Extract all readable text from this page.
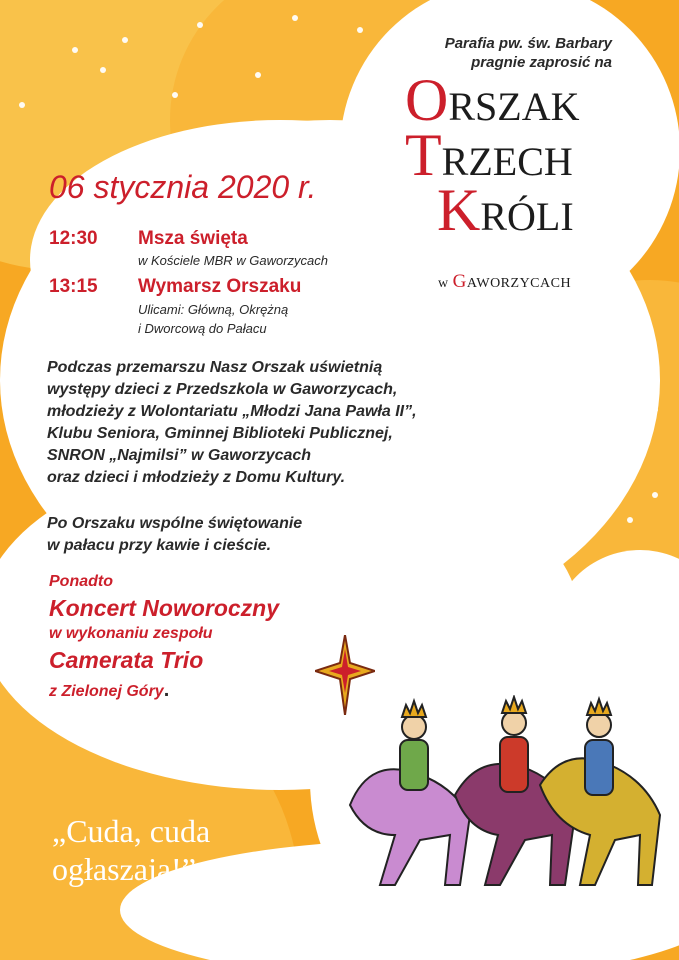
Parafia pw. św. Barbary
pragnie zaprosić na
ORSZAK
TRZECH
KRÓLI
w GAWORZYCACH
06 stycznia 2020 r.
12:30 Msza święta
w Kościele MBR w Gaworzycach
13:15 Wymarsz Orszaku
Ulicami: Główną, Okrężną
i Dworcową do Pałacu
Podczas przemarszu Nasz Orszak uświetnią
występy dzieci z Przedszkola w Gaworzycach,
młodzieży z Wolontariatu „Młodzi Jana Pawła II”,
Klubu Seniora, Gminnej Biblioteki Publicznej,
SNRON „Najmilsi” w Gaworzycach
oraz dzieci i młodzieży z Domu Kultury.
Po Orszaku wspólne świętowanie
w pałacu przy kawie i cieście.
Ponadto
Koncert Noworoczny
w wykonaniu zespołu
Camerata Trio
z Zielonej Góry.
„Cuda, cuda
ogłaszają!”
